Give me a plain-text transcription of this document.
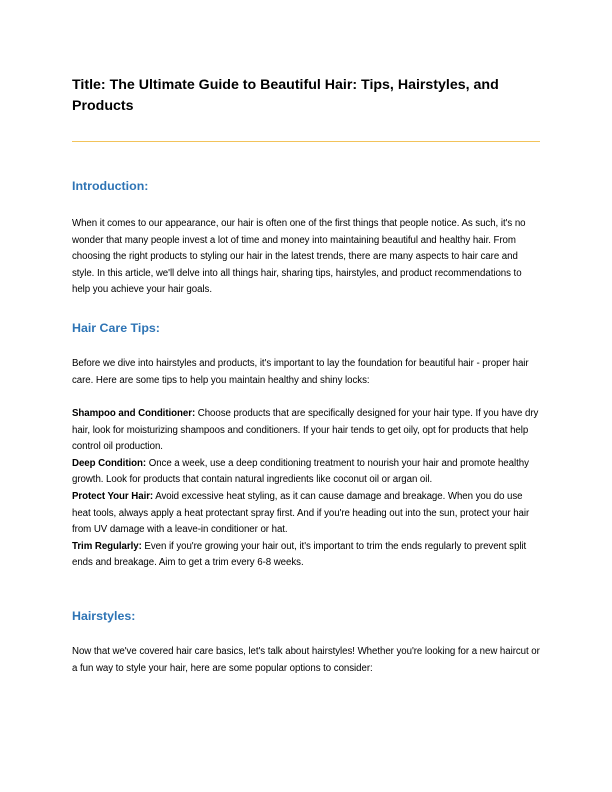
Title: The Ultimate Guide to Beautiful Hair: Tips, Hairstyles, and Products
Introduction:

When it comes to our appearance, our hair is often one of the first things that people notice. As such, it's no wonder that many people invest a lot of time and money into maintaining beautiful and healthy hair. From choosing the right products to styling our hair in the latest trends, there are many aspects to hair care and style. In this article, we'll delve into all things hair, sharing tips, hairstyles, and product recommendations to help you achieve your hair goals.

Hair Care Tips:

Before we dive into hairstyles and products, it's important to lay the foundation for beautiful hair - proper hair care. Here are some tips to help you maintain healthy and shiny locks:

Shampoo and Conditioner: Choose products that are specifically designed for your hair type. If you have dry hair, look for moisturizing shampoos and conditioners. If your hair tends to get oily, opt for products that help control oil production.
Deep Condition: Once a week, use a deep conditioning treatment to nourish your hair and promote healthy growth. Look for products that contain natural ingredients like coconut oil or argan oil.
Protect Your Hair: Avoid excessive heat styling, as it can cause damage and breakage. When you do use heat tools, always apply a heat protectant spray first. And if you're heading out into the sun, protect your hair from UV damage with a leave-in conditioner or hat.
Trim Regularly: Even if you're growing your hair out, it's important to trim the ends regularly to prevent split ends and breakage. Aim to get a trim every 6-8 weeks.
Hairstyles:

Now that we've covered hair care basics, let's talk about hairstyles! Whether you're looking for a new haircut or a fun way to style your hair, here are some popular options to consider:
